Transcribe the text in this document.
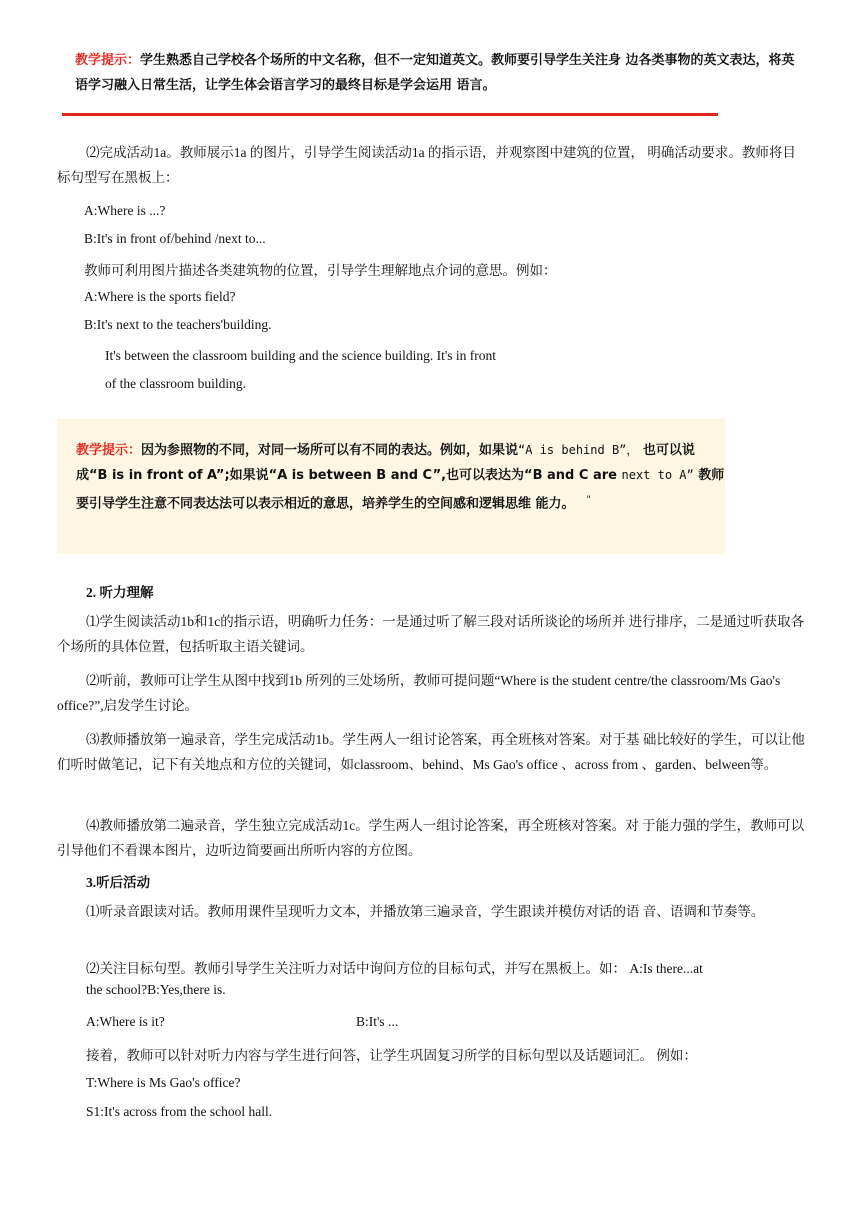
教学提示：学生熟悉自己学校各个场所的中文名称，但不一定知道英文。教师要引导学生关注身 边各类事物的英文表达，将英语学习融入日常生活，让学生体会语言学习的最终目标是学会运用 语言。
⑵完成活动1a。教师展示1a 的图片，引导学生阅读活动1a 的指示语，并观察图中建筑的位置， 明确活动要求。教师将目标句型写在黑板上：
A:Where is ...?
B:It's in front of/behind /next to...
教师可利用图片描述各类建筑物的位置，引导学生理解地点介词的意思。例如：
A:Where is the sports field?
B:It's next to the teachers'building.
It's between the classroom building and the science building. It's in front
of the classroom building.
教学提示：因为参照物的不同，对同一场所可以有不同的表达。例如，如果说“A is behind B”， 也可以说成“B is in front of A”;如果说“A is between B and C”,也可以表达为“B and C are next to A” 教师要引导学生注意不同表达法可以表示相近的意思，培养学生的空间感和逻辑思维 能力。 "
2. 听力理解
⑴学生阅读活动1b和1c的指示语，明确听力任务：一是通过听了解三段对话所谈论的场所并 进行排序，二是通过听获取各个场所的具体位置，包括听取主语关键词。
⑵听前，教师可让学生从图中找到1b 所列的三处场所，教师可提问题“Where is the student centre/the classroom/Ms Gao's office?”,启发学生讨论。
⑶教师播放第一遍录音，学生完成活动1b。学生两人一组讨论答案，再全班核对答案。对于基 础比较好的学生，可以让他们听时做笔记，记下有关地点和方位的关键词，如classroom、behind、Ms Gao's office 、across from 、garden、belween等。
⑷教师播放第二遍录音，学生独立完成活动1c。学生两人一组讨论答案，再全班核对答案。对 于能力强的学生，教师可以引导他们不看课本图片，边听边简要画出所听内容的方位图。
3.听后活动
⑴听录音跟读对话。教师用课件呈现听力文本，并播放第三遍录音，学生跟读并模仿对话的语 音、语调和节奏等。
⑵关注目标句型。教师引导学生关注听力对话中询问方位的目标句式，并写在黑板上。如： A:Is there...at
the school?B:Yes,there is.
A:Where is it?	B:It's ...
接着，教师可以针对听力内容与学生进行问答，让学生巩固复习所学的目标句型以及话题词汇。 例如：
T:Where is Ms Gao's office?
S1:It's across from the school hall.
